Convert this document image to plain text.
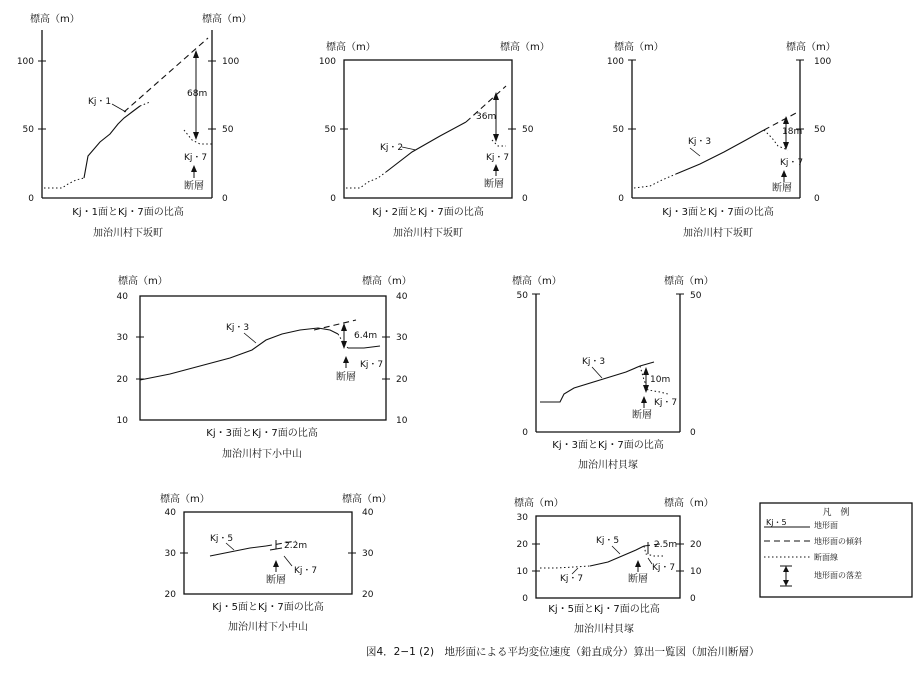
標高（m）	標高（m）
0
50
100
0
50
100
68m
Kj・1
Kj・7
断層
Kj・1面とKj・7面の比高
加治川村下坂町
標高（m）	標高（m）
0
50
100
0
50
36m
Kj・2
Kj・7
断層
Kj・2面とKj・7面の比高
加治川村下坂町
標高（m）	標高（m）
0
50
100
0
50
100
18m
Kj・3
Kj・7
断層
Kj・3面とKj・7面の比高
加治川村下坂町
標高（m）	標高（m）
10
20
30
40
10
20
30
40
6.4m
Kj・3
Kj・7
断層
Kj・3面とKj・7面の比高
加治川村下小中山
標高（m）	標高（m）
0
50
0
50
10m
Kj・3
Kj・7
断層
Kj・3面とKj・7面の比高
加治川村貝塚
標高（m）	標高（m）
20
30
40
20
30
40
2.2m
Kj・5
Kj・7
断層
Kj・5面とKj・7面の比高
加治川村下小中山
標高（m）	標高（m）
0
10
20
30
0
10
20
2.5m
Kj・5
Kj・7
Kj・7
断層
Kj・5面とKj・7面の比高
加治川村貝塚
凡　例
Kj・5	地形面
地形面の傾斜
断面線
地形面の落差
図4．2−1 (2)　地形面による平均変位速度（鉛直成分）算出一覧図（加治川断層）
